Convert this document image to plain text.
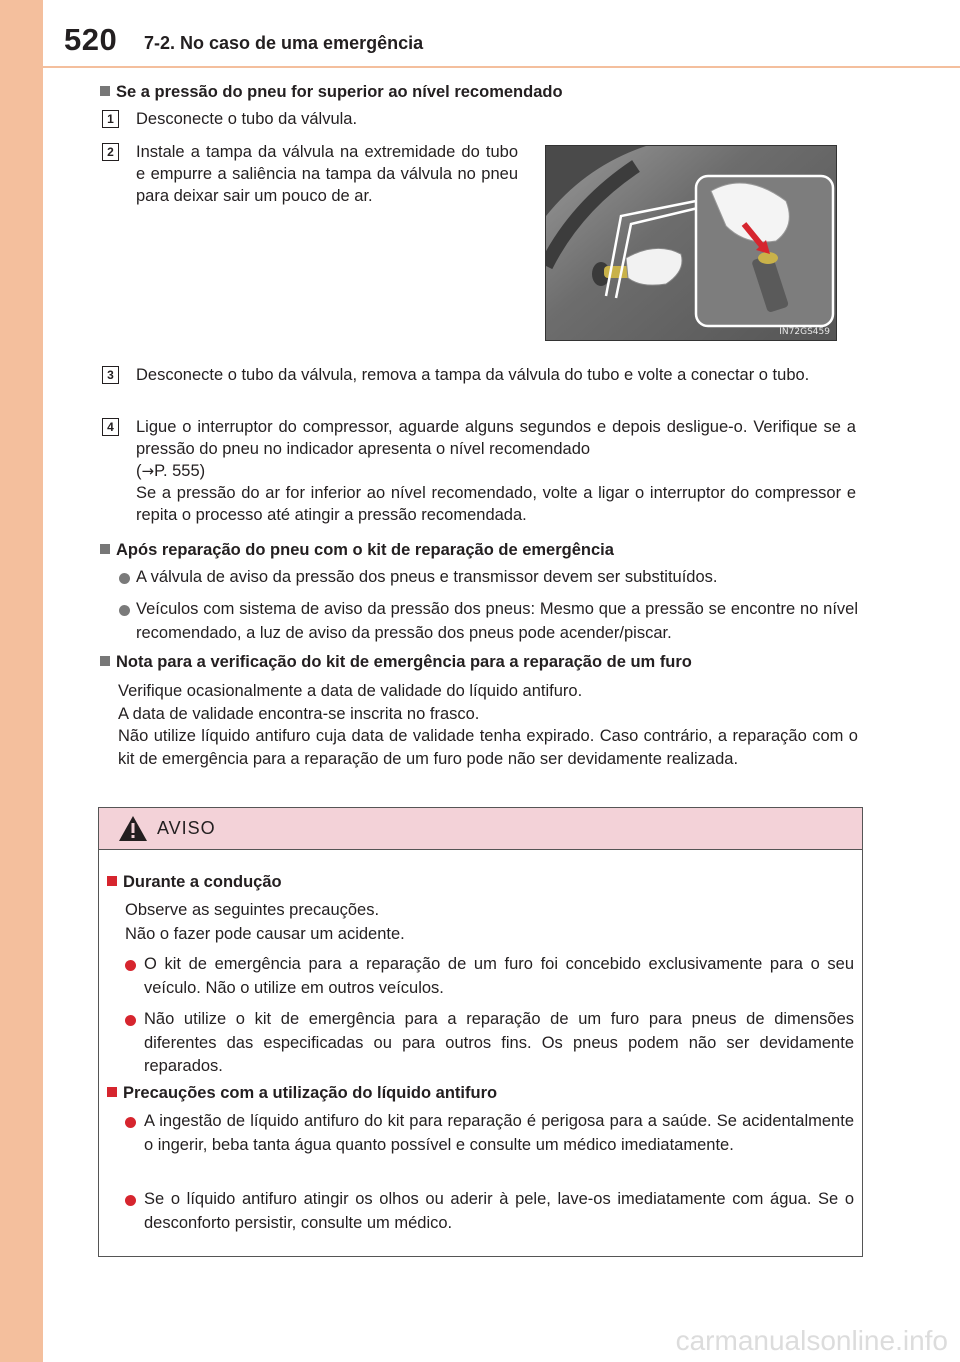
520 7-2. No caso de uma emergência
Se a pressão do pneu for superior ao nível recomendado
1	Desconecte o tubo da válvula.
2	Instale a tampa da válvula na extremidade do tubo e empurre a saliência na tampa da válvula no pneu para deixar sair um pouco de ar.
IN72GS459
3	Desconecte o tubo da válvula, remova a tampa da válvula do tubo e volte a conectar o tubo.
4	Ligue o interruptor do compressor, aguarde alguns segundos e depois desligue-o. Verifique se a pressão do pneu no indicador apresenta o nível recomendado
(→P. 555)
Se a pressão do ar for inferior ao nível recomendado, volte a ligar o interruptor do compressor e repita o processo até atingir a pressão recomendada.
Após reparação do pneu com o kit de reparação de emergência
A válvula de aviso da pressão dos pneus e transmissor devem ser substituídos.
Veículos com sistema de aviso da pressão dos pneus: Mesmo que a pressão se encontre no nível recomendado, a luz de aviso da pressão dos pneus pode acender/piscar.
Nota para a verificação do kit de emergência para a reparação de um furo
Verifique ocasionalmente a data de validade do líquido antifuro.
A data de validade encontra-se inscrita no frasco.
Não utilize líquido antifuro cuja data de validade tenha expirado. Caso contrário, a reparação com o kit de emergência para a reparação de um furo pode não ser devidamente realizada.
AVISO
Durante a condução
Observe as seguintes precauções.
Não o fazer pode causar um acidente.
O kit de emergência para a reparação de um furo foi concebido exclusivamente para o seu veículo. Não o utilize em outros veículos.
Não utilize o kit de emergência para a reparação de um furo para pneus de dimensões diferentes das especificadas ou para outros fins. Os pneus podem não ser devidamente reparados.
Precauções com a utilização do líquido antifuro
A ingestão de líquido antifuro do kit para reparação é perigosa para a saúde. Se acidentalmente o ingerir, beba tanta água quanto possível e consulte um médico imediatamente.
Se o líquido antifuro atingir os olhos ou aderir à pele, lave-os imediatamente com água. Se o desconforto persistir, consulte um médico.
carmanualsonline.info
